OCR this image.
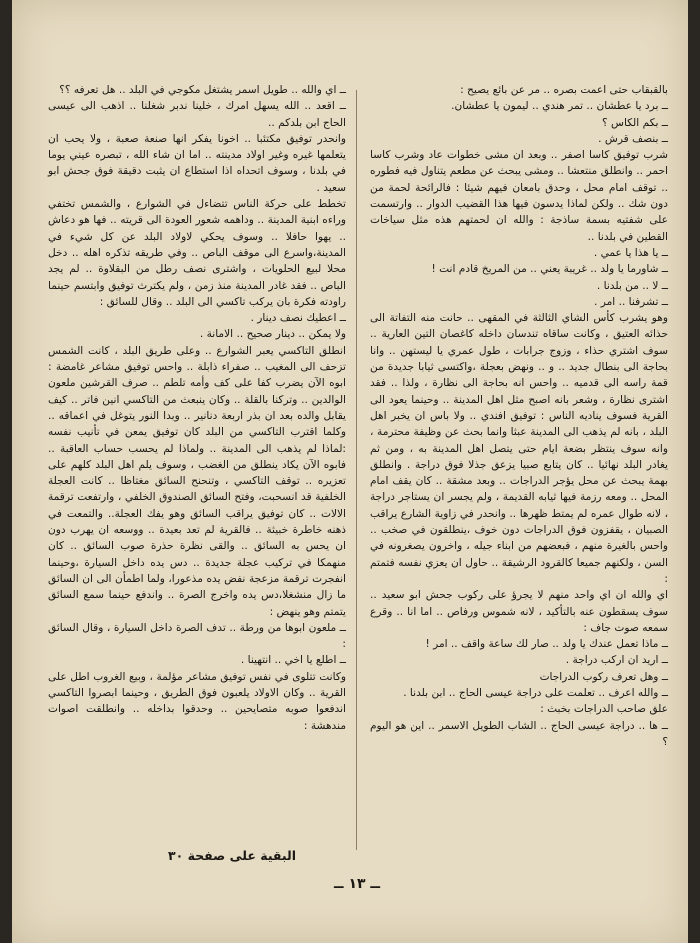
بالقبقاب حتى اعمت بصره .. مر عن بائع يصيح :

ــ برد يا عطشان .. تمر هندي .. ليمون يا عطشان.

ــ بكم الكاس ؟

ــ بنصف قرش .

شرب توفيق كاسا اصفر .. وبعد ان مشى خطوات عاد وشرب كاسا احمر .. وانطلق منتعشا .. ومشى يبحث عن مطعم يتناول فيه فطوره .. توقف امام محل ، وحدق بامعان فيهم شيئا : فالرائحة لحمة من دون شك .. ولكن لماذا يدسون فيها هذا القضيب الدوار .. وارتسمت على شفتيه بسمة ساذجة : والله ان لحمتهم هذه مثل سياخات القطين في بلدنا ..

ــ يا هذا يا عمي .

ــ شاورما يا ولد .. غريبة يعني .. من المريخ قادم انت !

ــ لا .. من بلدنا .

ــ تشرفنا .. امر .

وهو يشرب كأس الشاي الثالثة في المقهى .. حانت منه التفاتة الى حذائه العتيق ، وكانت ساقاه تندسان داخله كاغصان التين العارية .. سوف اشتري حذاء ، وزوج جرابات ، طول عمري يا ليستهن .. وانا بحاجة الى بنطال جديد .. و .. ونهض بعجلة ،واكتسى ثيابا جديدة من قمة راسه الى قدميه .. واحس انه بحاجة الى نظارة ، ولذا .. فقد اشترى نظارة ، وشعر بانه اصبح مثل اهل المدينة .. وحينما يعود الى القرية فسوف يناديه الناس : توفيق افندي .. ولا باس ان يخبر اهل البلد ، بانه لم يذهب الى المدينة عبثا وانما بحث عن وظيفة محترمة ، وانه سوف ينتظر بضعة ايام حتى يتصل اهل المدينة به ، ومن ثم يغادر البلد نهائيا .. كان يتابع صبيا يزعق جذلا فوق دراجة . وانطلق بهمة يبحث عن محل يؤجر الدراجات .. وبعد مشقة .. كان يقف امام المحل .. ومعه رزمة فيها ثيابه القديمة ، ولم يجسر ان يستاجر دراجة ، لانه طوال عمره لم يمتط ظهرها .. وانحدر في زاوية الشارع يراقب الصبيان ، يقفزون فوق الدراجات دون خوف ،ينطلقون في صخب .. واحس بالغيرة منهم ، فبعضهم من ابناء جيله ، واخرون يصغرونه في السن ، ولكنهم جميعا كالقرود الرشيقة .. حاول ان يعزي نفسه فتمتم :

اي والله ان اي واحد منهم لا يجرؤ على ركوب جحش ابو سعيد .. سوف يسقطون عنه بالتأكيد ، لانه شموس ورفاص .. اما انا .. وقرع سمعه صوت جاف :

ــ ماذا تعمل عندك يا ولد .. صار لك ساعة واقف .. امر !

ــ اريد ان اركب دراجة .

ــ وهل تعرف ركوب الدراجات

ــ والله اعرف .. تعلمت على دراجة عيسى الحاج .. ابن بلدنا .

علق صاحب الدراجات بخبث :

ــ ها .. دراجة عيسى الحاج .. الشاب الطويل الاسمر .. اين هو اليوم ؟

ــ اي والله .. طويل اسمر يشتغل مكوجي في البلد .. هل تعرفه ؟؟

ــ اقعد .. الله يسهل امرك ، خلينا ندبر شغلنا .. اذهب الى عيسى الحاج ابن بلدكم ..

وانحدر توفيق مكتئبا .. اخونا يفكر انها صنعة صعبة ، ولا يحب ان يتعلمها غيره وغير اولاد مدينته .. اما ان شاء الله ، تبصره عيني يوما في بلدنا ، وسوف اتحداه اذا استطاع ان يثبت دقيقة فوق جحش ابو سعيد .

تخطط على حركة الناس تتضاءل في الشوارع ، والشمس تختفي وراءه ابنية المدينة .. وداهمه شعور العودة الى قريته .. فها هو دعاش .. يهوا حافلا .. وسوف يحكي لاولاد البلد عن كل شيء في المدينة،واسرع الى موقف الباص .. وفي طريقه تذكره اهله .. دخل محلا لبيع الحلويات ، واشترى نصف رطل من البقلاوة .. لم يجد الباص .. فقد غادر المدينة منذ زمن ، ولم يكترث توفيق وابتسم حينما راودته فكرة بان يركب تاكسي الى البلد .. وقال للسائق :

ــ اعطيك نصف دينار .

ولا يمكن .. دينار صحيح .. الامانة .

انطلق التاكسي يعبر الشوارع .. وعلى طريق البلد ، كانت الشمس تزحف الى المغيب .. صفراء ذابلة .. واحس توفيق مشاعر غامضة : ابوه الآن يضرب كفا على كف وأمه تلطم .. صرف القرشين ملعون الوالدين .. وتركنا بالقلة .. وكان ينبعث من التاكسي انين فاتر .. كيف يقابل والده بعد ان بذر اربعة دنانير .. وبدا النور يتوغل في اعماقه .. وكلما اقترب التاكسي من البلد كان توفيق يمعن في تأنيب نفسه :لماذا لم يذهب الى المدينة .. ولماذا لم يحسب حساب العاقبة .. فابوه الآن يكاد ينطلق من الغضب ، وسوف يلم اهل البلد كلهم على تعزيره .. توقف التاكسي ، وتنحنح السائق مغتاظا .. كانت العجلة الخلفية قد انسحبت، وفتح السائق الصندوق الخلفي ، وارتفعت ترقمة الالات .. كان توفيق يراقب السائق وهو يفك العجلة.. والتمعت في ذهنه خاطرة خبيثة .. فالقرية لم تعد بعيدة .. ووسعه ان يهرب دون ان يحس به السائق .. والقى نظرة حذرة صوب السائق .. كان منهمكا في تركيب عجلة جديدة .. دس يده داخل السيارة ،وحينما انفجرت ترقمة مزعجة نفض يده مذعورا، ولما اطمأن الى ان السائق ما زال منشغلا،دس يده واخرج الصرة .. واندفع حينما سمع السائق يتمتم وهو ينهض :

ــ ملعون ابوها من ورطة .. تدف الصرة داخل السيارة ، وقال السائق :

ــ اطلع يا اخي .. انتهينا .

وكانت تتلوى في نفس توفيق مشاعر مؤلمة ، وبيع الغروب اطل على القرية .. وكان الاولاد يلعبون فوق الطريق ، وحينما ابصروا التاكسي اندفعوا صوبه متصايحين .. وحدقوا بداخله .. وانطلقت اصوات مندهشة :

البقية على صفحة ٣٠
ــ ١٣ ــ
